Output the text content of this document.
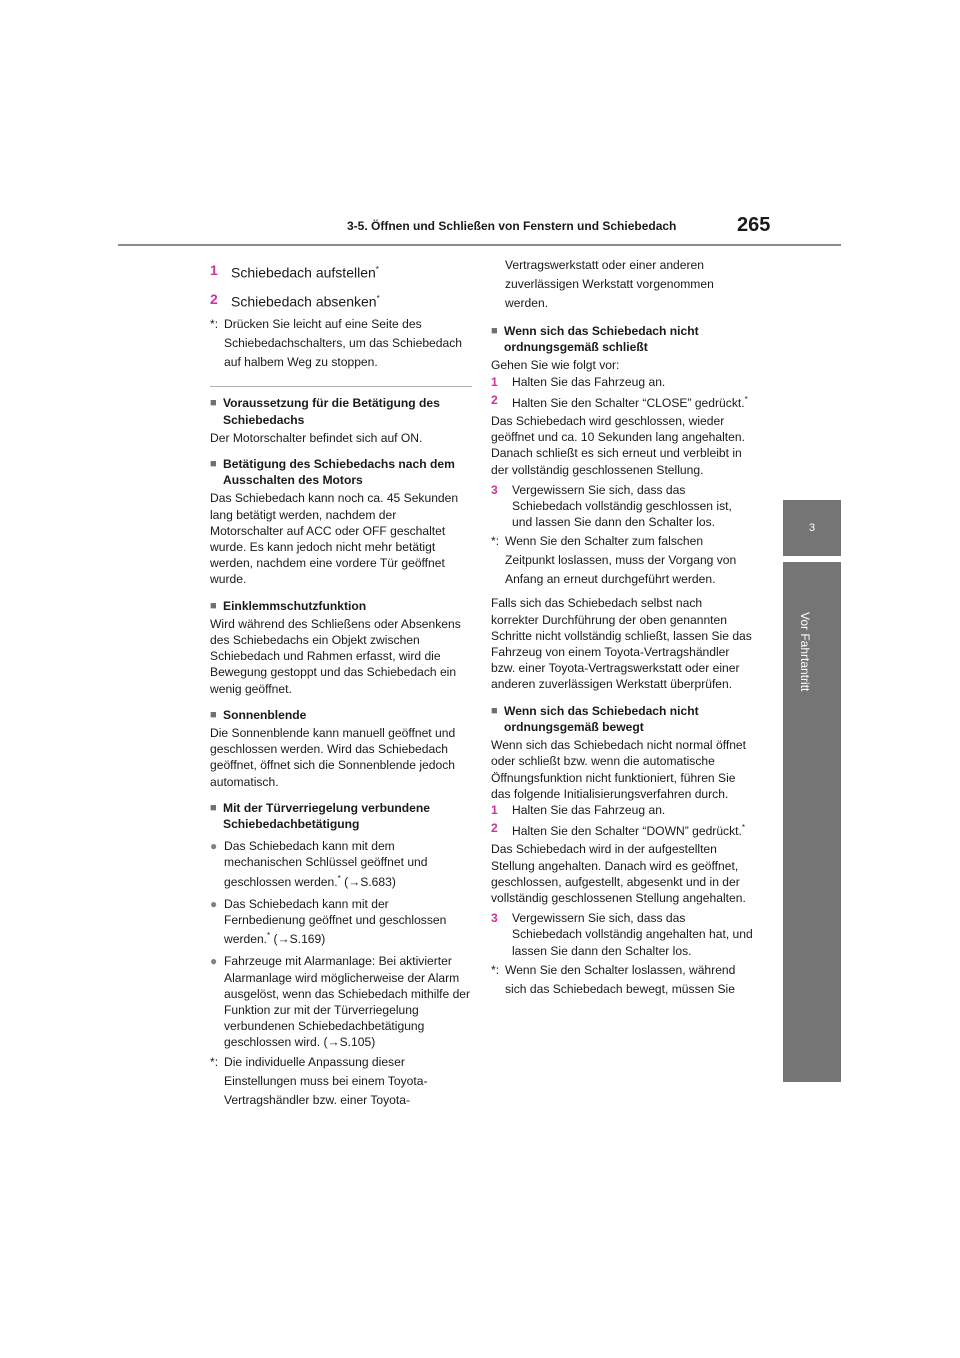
3-5. Öffnen und Schließen von Fenstern und Schiebedach	265
3
Vor Fahrtantritt
1 Schiebedach aufstellen*
2 Schiebedach absenken*
*: Drücken Sie leicht auf eine Seite des Schiebedachschalters, um das Schiebedach auf halbem Weg zu stoppen.
■ Voraussetzung für die Betätigung des Schiebedachs
Der Motorschalter befindet sich auf ON.
■ Betätigung des Schiebedachs nach dem Ausschalten des Motors
Das Schiebedach kann noch ca. 45 Sekunden lang betätigt werden, nachdem der Motorschalter auf ACC oder OFF geschaltet wurde. Es kann jedoch nicht mehr betätigt werden, nachdem eine vordere Tür geöffnet wurde.
■ Einklemmschutzfunktion
Wird während des Schließens oder Absenkens des Schiebedachs ein Objekt zwischen Schiebedach und Rahmen erfasst, wird die Bewegung gestoppt und das Schiebedach ein wenig geöffnet.
■ Sonnenblende
Die Sonnenblende kann manuell geöffnet und geschlossen werden. Wird das Schiebedach geöffnet, öffnet sich die Sonnenblende jedoch automatisch.
■ Mit der Türverriegelung verbundene Schiebedachbetätigung
● Das Schiebedach kann mit dem mechanischen Schlüssel geöffnet und geschlossen werden.* (→S.683)
● Das Schiebedach kann mit der Fernbedienung geöffnet und geschlossen werden.* (→S.169)
● Fahrzeuge mit Alarmanlage: Bei aktivierter Alarmanlage wird möglicherweise der Alarm ausgelöst, wenn das Schiebedach mithilfe der Funktion zur mit der Türverriegelung verbundenen Schiebedachbetätigung geschlossen wird. (→S.105)
*: Die individuelle Anpassung dieser Einstellungen muss bei einem Toyota-Vertragshändler bzw. einer Toyota-
Vertragswerkstatt oder einer anderen zuverlässigen Werkstatt vorgenommen werden.
■ Wenn sich das Schiebedach nicht ordnungsgemäß schließt
Gehen Sie wie folgt vor:
1	Halten Sie das Fahrzeug an.
2	Halten Sie den Schalter “CLOSE” gedrückt.*
Das Schiebedach wird geschlossen, wieder geöffnet und ca. 10 Sekunden lang angehalten. Danach schließt es sich erneut und verbleibt in der vollständig geschlossenen Stellung.
3	Vergewissern Sie sich, dass das Schiebedach vollständig geschlossen ist, und lassen Sie dann den Schalter los.
*: Wenn Sie den Schalter zum falschen Zeitpunkt loslassen, muss der Vorgang von Anfang an erneut durchgeführt werden.
Falls sich das Schiebedach selbst nach korrekter Durchführung der oben genannten Schritte nicht vollständig schließt, lassen Sie das Fahrzeug von einem Toyota-Vertragshändler bzw. einer Toyota-Vertragswerkstatt oder einer anderen zuverlässigen Werkstatt überprüfen.
■ Wenn sich das Schiebedach nicht ordnungsgemäß bewegt
Wenn sich das Schiebedach nicht normal öffnet oder schließt bzw. wenn die automatische Öffnungsfunktion nicht funktioniert, führen Sie das folgende Initialisierungsverfahren durch.
1	Halten Sie das Fahrzeug an.
2	Halten Sie den Schalter “DOWN” gedrückt.*
Das Schiebedach wird in der aufgestellten Stellung angehalten. Danach wird es geöffnet, geschlossen, aufgestellt, abgesenkt und in der vollständig geschlossenen Stellung angehalten.
3	Vergewissern Sie sich, dass das Schiebedach vollständig angehalten hat, und lassen Sie dann den Schalter los.
*: Wenn Sie den Schalter loslassen, während sich das Schiebedach bewegt, müssen Sie
